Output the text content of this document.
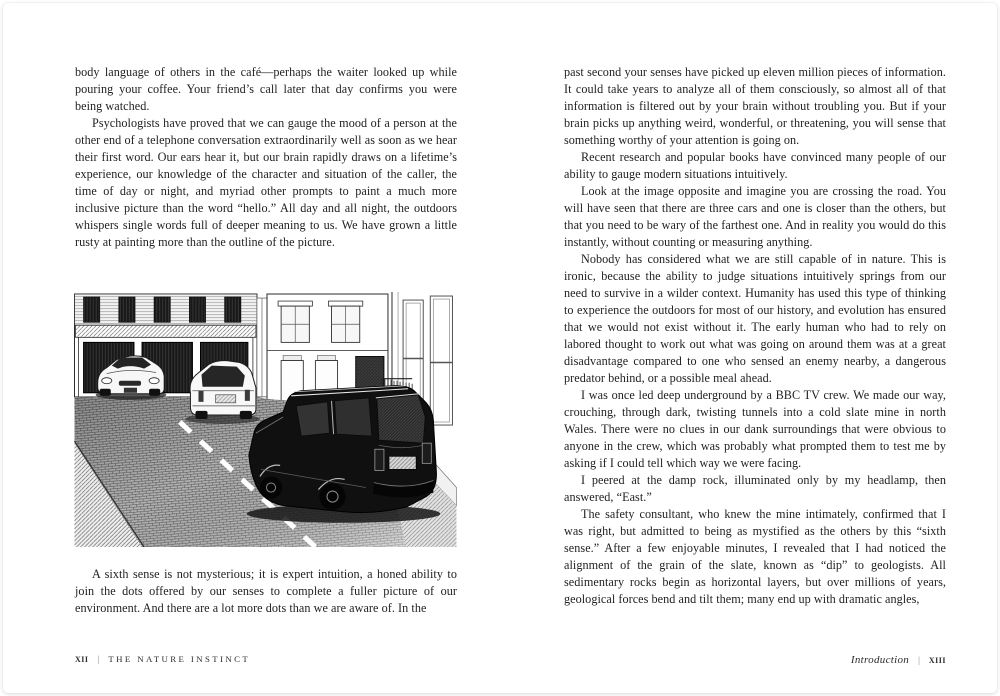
body language of others in the café—perhaps the waiter looked up while pouring your coffee. Your friend’s call later that day confirms you were being watched.

Psychologists have proved that we can gauge the mood of a person at the other end of a telephone conversation extraordinarily well as soon as we hear their first word. Our ears hear it, but our brain rapidly draws on a lifetime’s experience, our knowledge of the character and situation of the caller, the time of day or night, and myriad other prompts to paint a much more inclusive picture than the word “hello.” All day and all night, the outdoors whispers single words full of deeper meaning to us. We have grown a little rusty at painting more than the outline of the picture.

A sixth sense is not mysterious; it is expert intuition, a honed ability to join the dots offered by our senses to complete a fuller picture of our environment. And there are a lot more dots than we are aware of. In the

past second your senses have picked up eleven million pieces of information. It could take years to analyze all of them consciously, so almost all of that information is filtered out by your brain without troubling you. But if your brain picks up anything weird, wonderful, or threatening, you will sense that something worthy of your attention is going on.

Recent research and popular books have convinced many people of our ability to gauge modern situations intuitively.

Look at the image opposite and imagine you are crossing the road. You will have seen that there are three cars and one is closer than the others, but that you need to be wary of the farthest one. And in reality you would do this instantly, without counting or measuring anything.

Nobody has considered what we are still capable of in nature. This is ironic, because the ability to judge situations intuitively springs from our need to survive in a wilder context. Humanity has used this type of thinking to experience the outdoors for most of our history, and evolution has ensured that we would not exist without it. The early human who had to rely on labored thought to work out what was going on around them was at a great disadvantage compared to one who sensed an enemy nearby, a dangerous predator behind, or a possible meal ahead.

I was once led deep underground by a BBC TV crew. We made our way, crouching, through dark, twisting tunnels into a cold slate mine in north Wales. There were no clues in our dank surroundings that were obvious to anyone in the crew, which was probably what prompted them to test me by asking if I could tell which way we were facing.

I peered at the damp rock, illuminated only by my headlamp, then answered, “East.”

The safety consultant, who knew the mine intimately, confirmed that I was right, but admitted to being as mystified as the others by this “sixth sense.” After a few enjoyable minutes, I revealed that I had noticed the alignment of the grain of the slate, known as “dip” to geologists. All sedimentary rocks begin as horizontal layers, but over millions of years, geological forces bend and tilt them; many end up with dramatic angles,

XII | THE NATURE INSTINCT	Introduction | XIII
